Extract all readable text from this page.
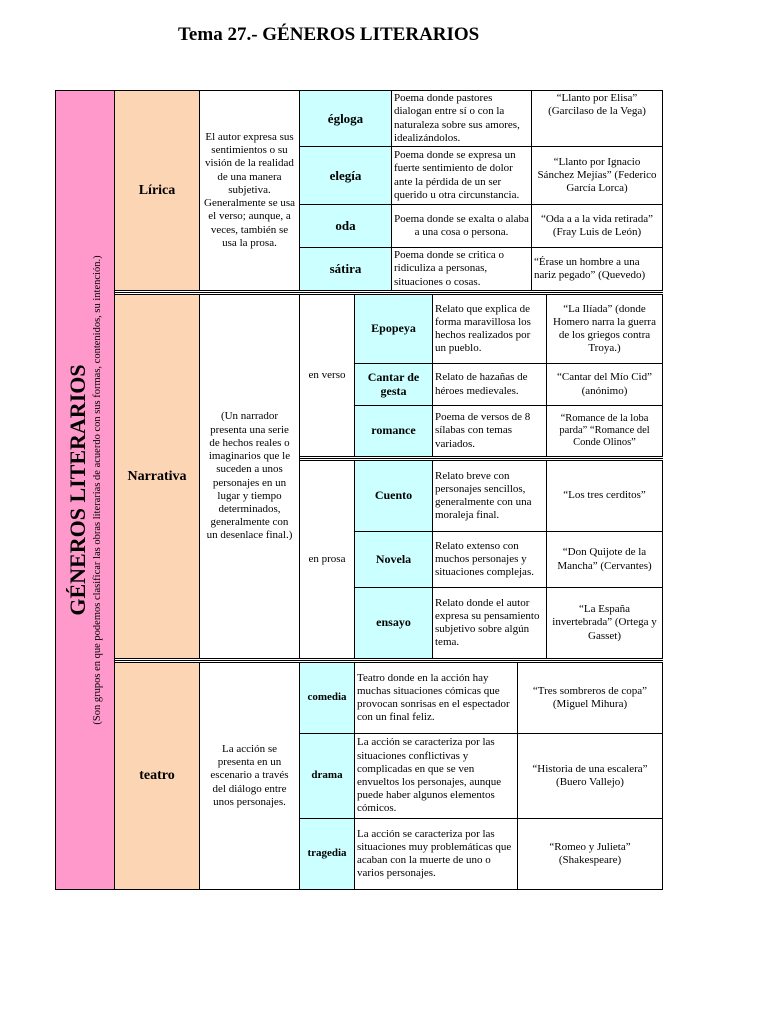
Tema 27.- GÉNEROS LITERARIOS
GÉNEROS LITERARIOS (Son grupos en que podemos clasificar las obras literarias de acuerdo con sus formas, contenidos, su intención.)
Lírica
El autor expresa sus sentimientos o su visión de la realidad de una manera subjetiva. Generalmente se usa el verso; aunque, a veces, también se usa la prosa.
égloga
Poema donde pastores dialogan entre sí o con la naturaleza sobre sus amores, idealizándolos.
“Llanto por Elisa” (Garcilaso de la Vega)
elegía
Poema donde se expresa un fuerte sentimiento de dolor ante la pérdida de un ser querido u otra circunstancia.
“Llanto por Ignacio Sánchez Mejías” (Federico García Lorca)
oda	Poema donde se exalta o alaba a una cosa o persona.
“Oda a a la vida retirada” (Fray Luis de León)
sátira
Poema donde se critica o ridiculiza a personas, situaciones o cosas.
“Érase un hombre a una nariz pegado” (Quevedo)
Narrativa
(Un narrador presenta una serie de hechos reales o imaginarios que le suceden a unos personajes en un lugar y tiempo determinados, generalmente con un desenlace final.)
en verso
en prosa
Epopeya
Relato que explica de forma maravillosa los hechos realizados por un pueblo.
“La Ilíada” (donde Homero narra la guerra de los griegos contra Troya.)
Cantar de gesta
Relato de hazañas de héroes medievales.
“Cantar del Mío Cid” (anónimo)
romance
Poema de versos de 8 sílabas con temas variados.
“Romance de la loba parda” “Romance del Conde Olinos”
Cuento
Relato breve con personajes sencillos, generalmente con una moraleja final.
“Los tres cerditos”
Novela
Relato extenso con muchos personajes y situaciones complejas.
“Don Quijote de la Mancha” (Cervantes)
ensayo
Relato donde el autor expresa su pensamiento subjetivo sobre algún tema.
“La España invertebrada” (Ortega y Gasset)
teatro
La acción se presenta en un escenario a través del diálogo entre unos personajes.
comedia
Teatro donde en la acción hay muchas situaciones cómicas que provocan sonrisas en el espectador con un final feliz.
“Tres sombreros de copa” (Miguel Mihura)
drama
La acción se caracteriza por las situaciones conflictivas y complicadas en que se ven envueltos los personajes, aunque puede haber algunos elementos cómicos.
“Historia de una escalera” (Buero Vallejo)
tragedia
La acción se caracteriza por las situaciones muy problemáticas que acaban con la muerte de uno o varios personajes.
“Romeo y Julieta” (Shakespeare)
